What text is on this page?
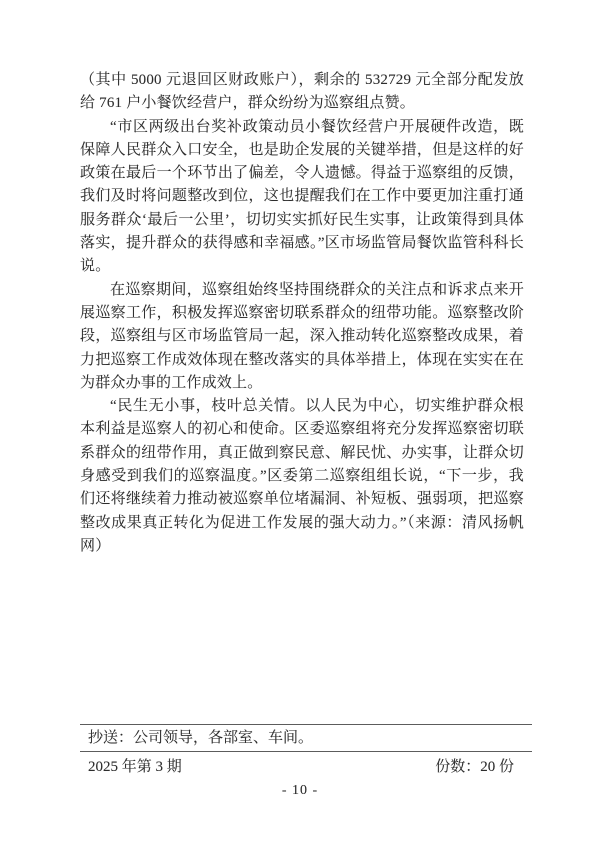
（其中 5000 元退回区财政账户），剩余的 532729 元全部分配发放给 761 户小餐饮经营户，群众纷纷为巡察组点赞。

“市区两级出台奖补政策动员小餐饮经营户开展硬件改造，既保障人民群众入口安全，也是助企发展的关键举措，但是这样的好政策在最后一个环节出了偏差，令人遗憾。得益于巡察组的反馈，我们及时将问题整改到位，这也提醒我们在工作中要更加注重打通服务群众‘最后一公里’，切切实实抓好民生实事，让政策得到具体落实，提升群众的获得感和幸福感。”区市场监管局餐饮监管科科长说。

在巡察期间，巡察组始终坚持围绕群众的关注点和诉求点来开展巡察工作，积极发挥巡察密切联系群众的纽带功能。巡察整改阶段，巡察组与区市场监管局一起，深入推动转化巡察整改成果，着力把巡察工作成效体现在整改落实的具体举措上，体现在实实在在为群众办事的工作成效上。

“民生无小事，枝叶总关情。以人民为中心，切实维护群众根本利益是巡察人的初心和使命。区委巡察组将充分发挥巡察密切联系群众的纽带作用，真正做到察民意、解民忧、办实事，让群众切身感受到我们的巡察温度。”区委第二巡察组组长说，“下一步，我们还将继续着力推动被巡察单位堵漏洞、补短板、强弱项，把巡察整改成果真正转化为促进工作发展的强大动力。”（来源：清风扬帆网）

抄送：公司领导，各部室、车间。
2025 年第 3 期	份数：20 份
- 10 -
